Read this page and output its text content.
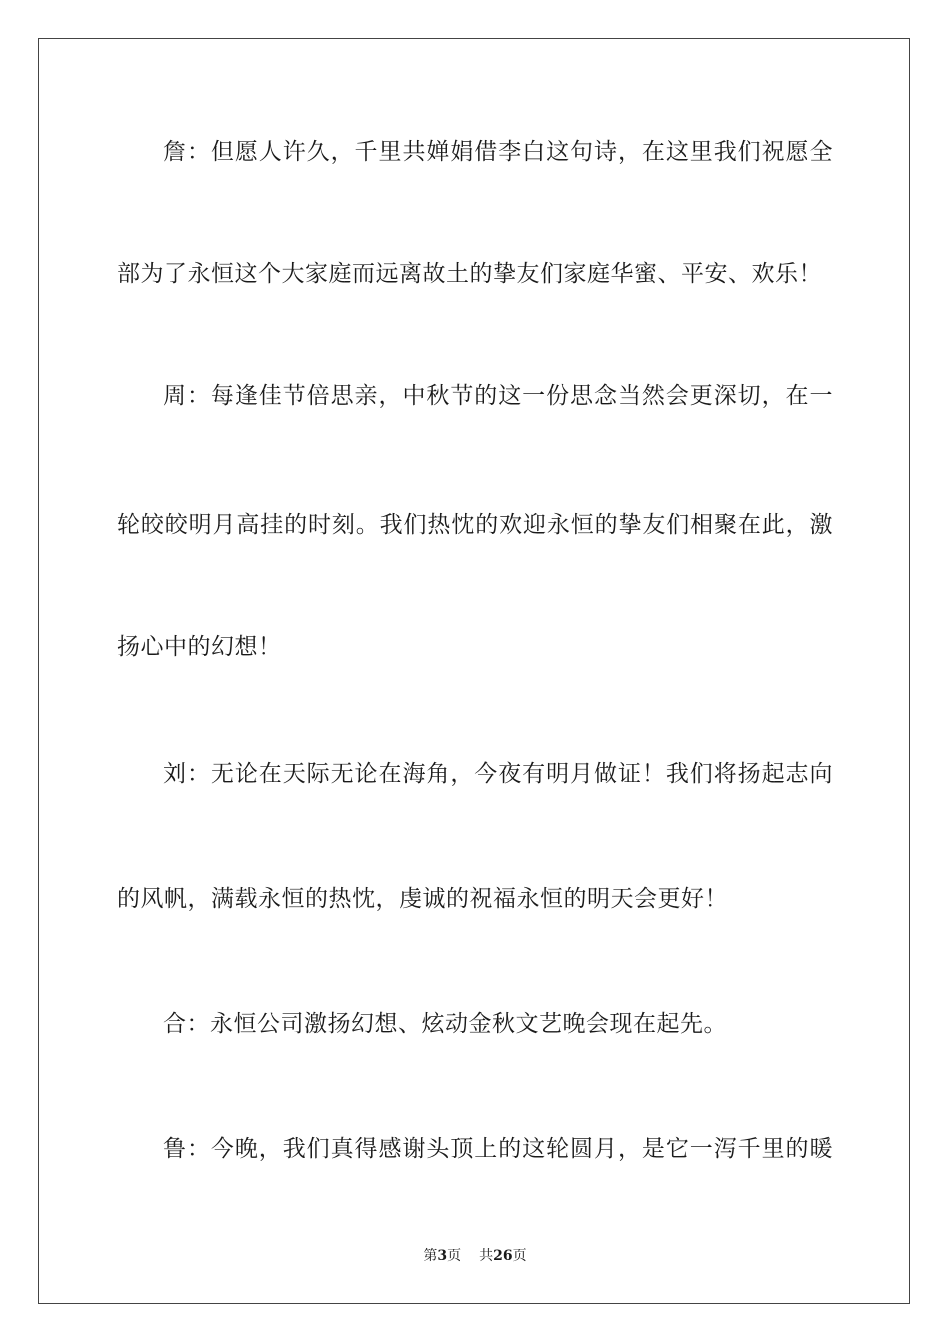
詹：但愿人许久，千里共婵娟借李白这句诗，在这里我们祝愿全
部为了永恒这个大家庭而远离故土的挚友们家庭华蜜、平安、欢乐！
周：每逢佳节倍思亲，中秋节的这一份思念当然会更深切，在一
轮皎皎明月高挂的时刻。我们热忱的欢迎永恒的挚友们相聚在此，激
扬心中的幻想！
刘：无论在天际无论在海角，今夜有明月做证！我们将扬起志向
的风帆，满载永恒的热忱，虔诚的祝福永恒的明天会更好！
合：永恒公司激扬幻想、炫动金秋文艺晚会现在起先。
鲁：今晚，我们真得感谢头顶上的这轮圆月，是它一泻千里的暖
第3页 共26页
